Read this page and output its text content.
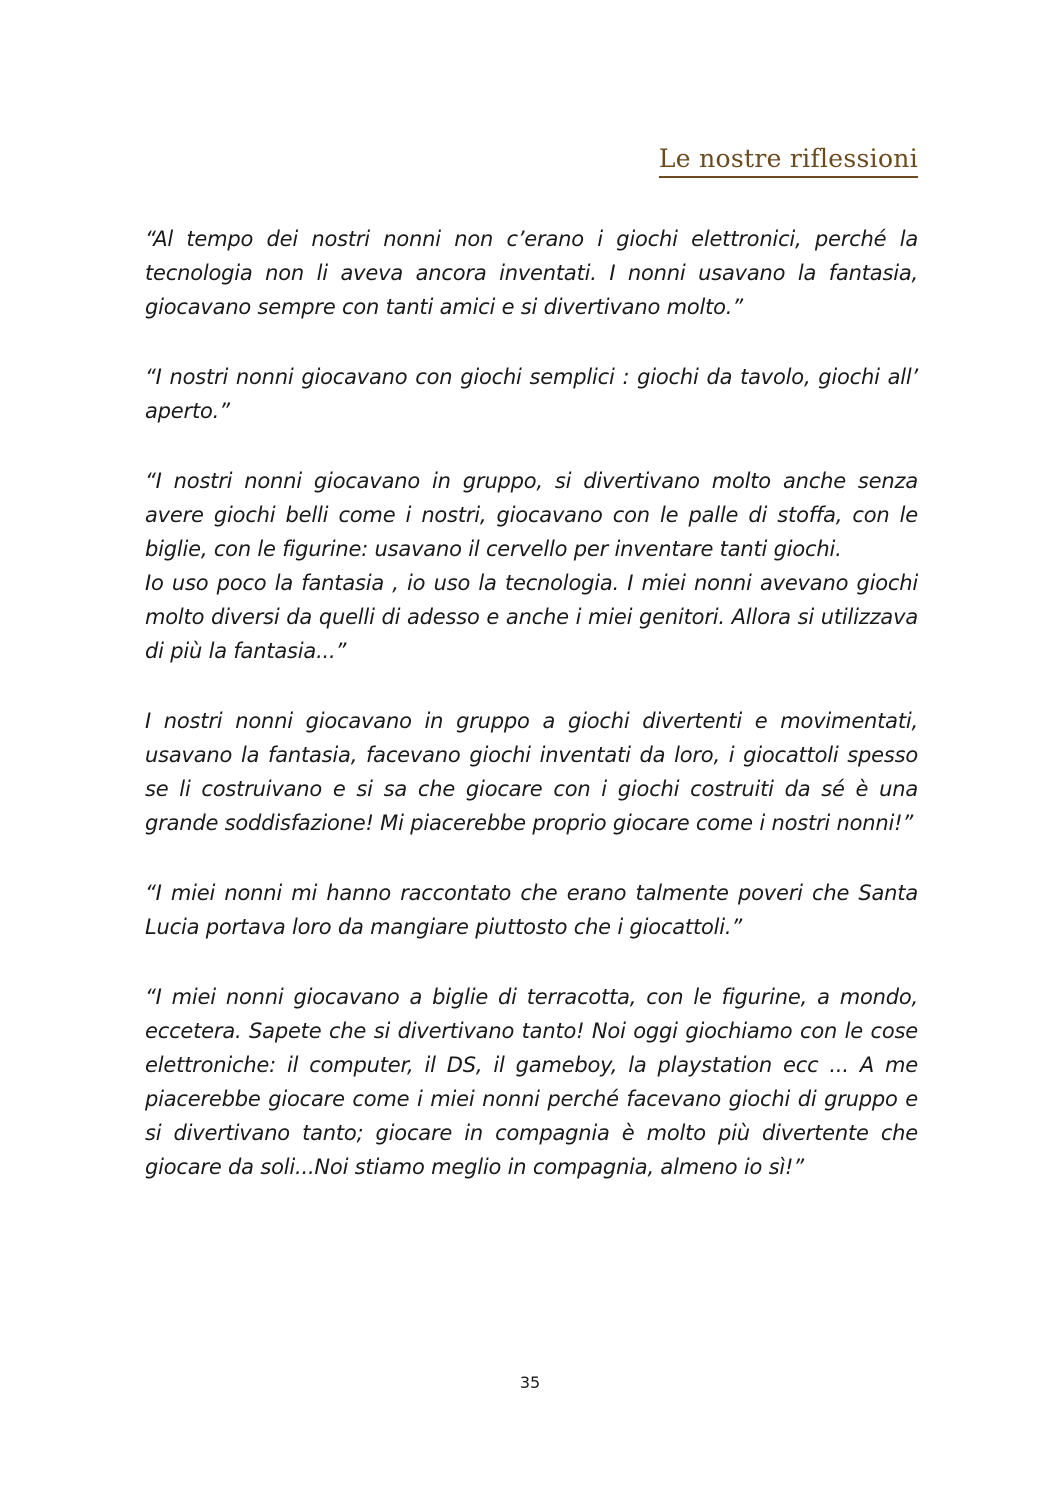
Le nostre riflessioni

“Al tempo dei nostri nonni non c’erano i giochi elettronici, perché la tecnologia non li aveva ancora inventati. I nonni usavano la fantasia, giocavano sempre con tanti amici e si divertivano molto.”

“I nostri nonni giocavano con giochi semplici : giochi da tavolo, giochi all’ aperto.”

“I nostri nonni giocavano in gruppo, si divertivano molto anche senza avere giochi belli come i nostri, giocavano con le palle di stoffa, con le biglie, con le figurine: usavano il cervello per inventare tanti giochi.

Io uso poco la fantasia , io uso la tecnologia. I miei nonni avevano giochi molto diversi da quelli di adesso e anche i miei genitori. Allora si utilizzava di più la fantasia...”

I nostri nonni giocavano in gruppo a giochi divertenti e movimentati, usavano la fantasia, facevano giochi inventati da loro, i giocattoli spesso se li costruivano e si sa che giocare con i giochi costruiti da sé è una grande soddisfazione! Mi piacerebbe proprio giocare come i nostri nonni!”

“I miei nonni mi hanno raccontato che erano talmente poveri che Santa Lucia portava loro da mangiare piuttosto che i giocattoli.”

“I miei nonni giocavano a biglie di terracotta, con le figurine, a mondo, eccetera. Sapete che si divertivano tanto! Noi oggi giochiamo con le cose elettroniche: il computer, il DS, il gameboy, la playstation ecc ... A me piacerebbe giocare come i miei nonni perché facevano giochi di gruppo e si divertivano tanto; giocare in compagnia è molto più divertente che giocare da soli...Noi stiamo meglio in compagnia, almeno io sì!”

35
